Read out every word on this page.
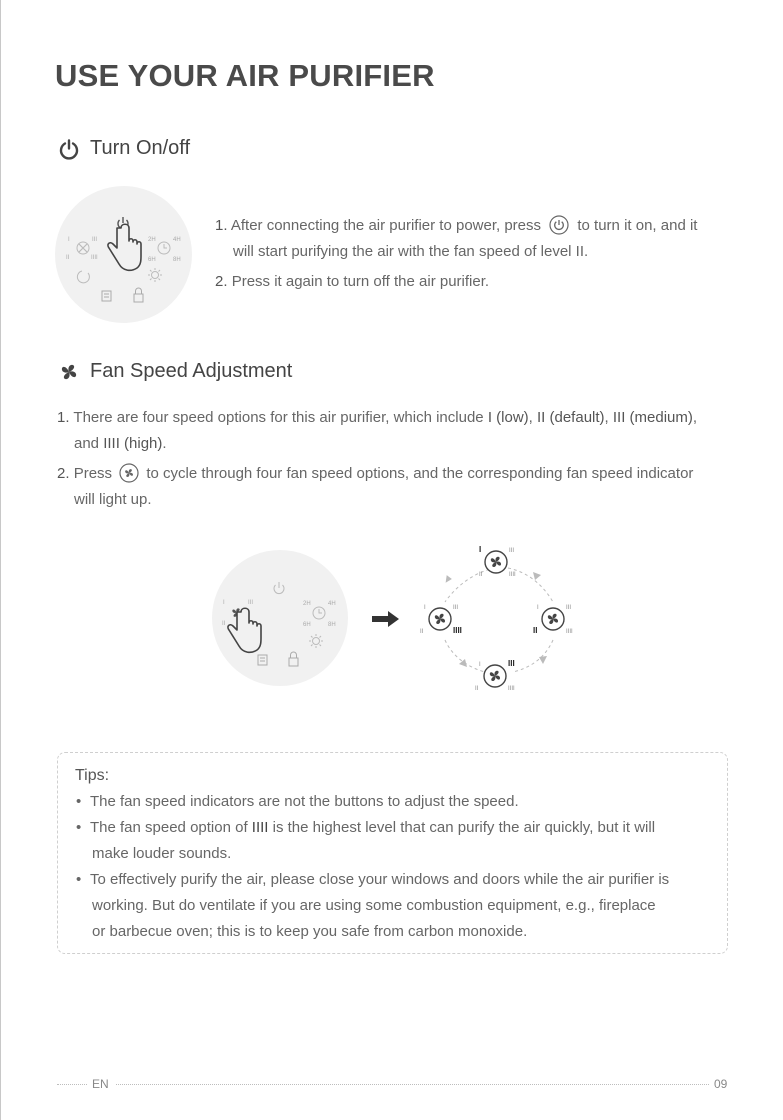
USE YOUR AIR PURIFIER
Turn On/off
I	III
II	IIII
2H	4H
6H	8H
1. After connecting the air purifier to power, press to turn it on, and it
will start purifying the air with the fan speed of level II.
2. Press it again to turn off the air purifier.
Fan Speed Adjustment
1. There are four speed options for this air purifier, which include I (low), II (default), III (medium),
and IIII (high).
2. Press to cycle through four fan speed options, and the corresponding fan speed indicator
will light up.
I	III
II
2H	4H
6H	8H
I	III
II	IIII
I	III
II	IIII
I	III
II	IIII
I	III
II	IIII
Tips:
• The fan speed indicators are not the buttons to adjust the speed.
• The fan speed option of IIII is the highest level that can purify the air quickly, but it will
make louder sounds.
• To effectively purify the air, please close your windows and doors while the air purifier is
working. But do ventilate if you are using some combustion equipment, e.g., fireplace
or barbecue oven; this is to keep you safe from carbon monoxide.
EN	09
